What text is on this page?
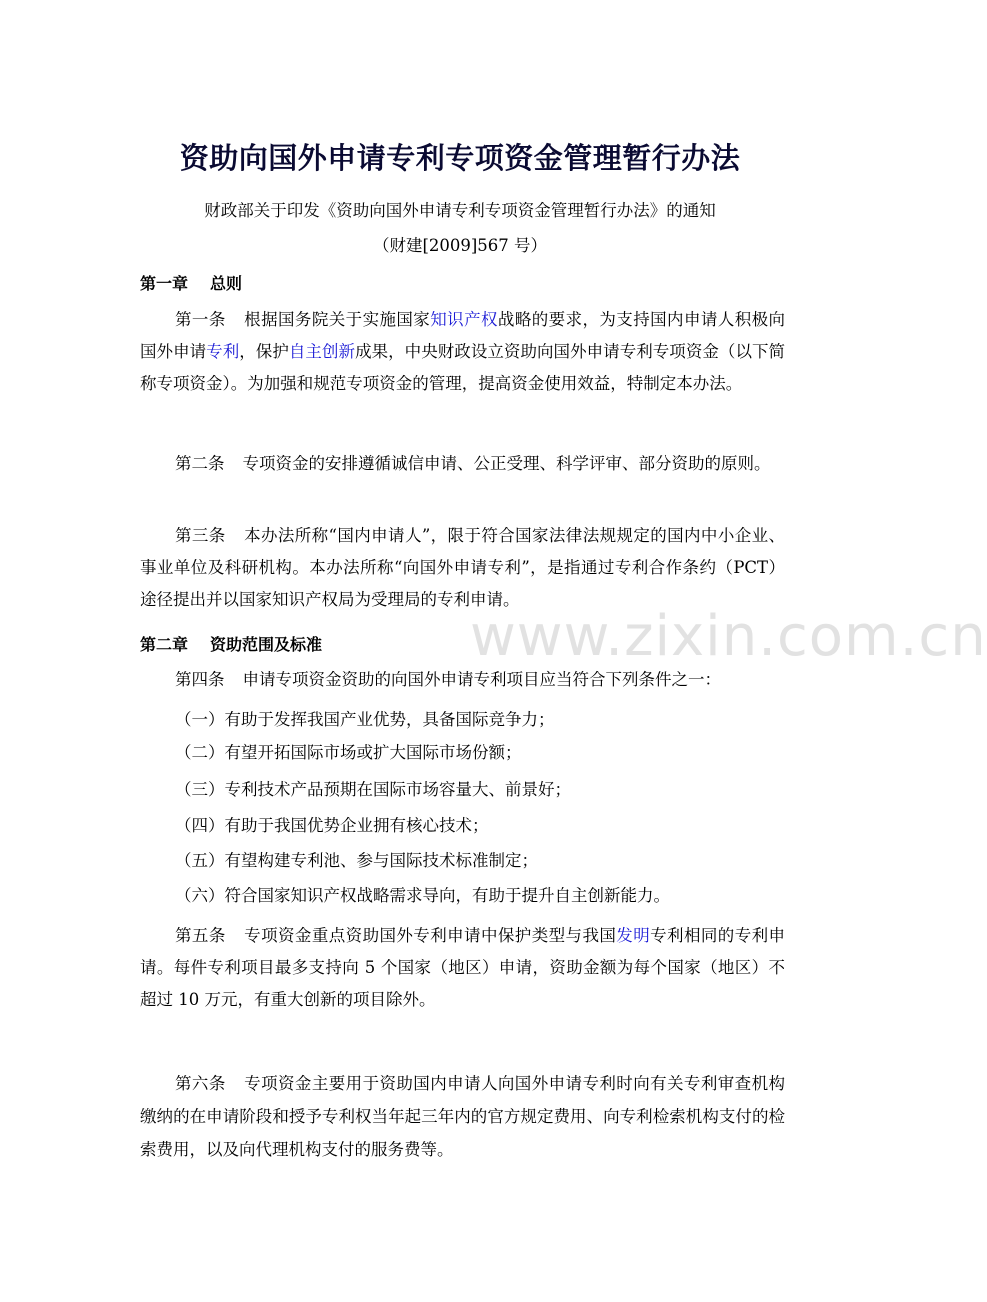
www.zixin.com.cn
资助向国外申请专利专项资金管理暂行办法
财政部关于印发《资助向国外申请专利专项资金管理暂行办法》的通知
（财建[2009]567 号）
第一章 总则
第一条 根据国务院关于实施国家知识产权战略的要求，为支持国内申请人积极向国外申请专利，保护自主创新成果，中央财政设立资助向国外申请专利专项资金（以下简称专项资金）。为加强和规范专项资金的管理，提高资金使用效益，特制定本办法。
第二条 专项资金的安排遵循诚信申请、公正受理、科学评审、部分资助的原则。
第三条 本办法所称“国内申请人”，限于符合国家法律法规规定的国内中小企业、事业单位及科研机构。本办法所称“向国外申请专利”，是指通过专利合作条约（PCT）途径提出并以国家知识产权局为受理局的专利申请。
第二章 资助范围及标准
第四条 申请专项资金资助的向国外申请专利项目应当符合下列条件之一：
（一）有助于发挥我国产业优势，具备国际竞争力；
（二）有望开拓国际市场或扩大国际市场份额；
（三）专利技术产品预期在国际市场容量大、前景好；
（四）有助于我国优势企业拥有核心技术；
（五）有望构建专利池、参与国际技术标准制定；
（六）符合国家知识产权战略需求导向，有助于提升自主创新能力。
第五条 专项资金重点资助国外专利申请中保护类型与我国发明专利相同的专利申请。每件专利项目最多支持向 5 个国家（地区）申请，资助金额为每个国家（地区）不超过 10 万元，有重大创新的项目除外。
第六条 专项资金主要用于资助国内申请人向国外申请专利时向有关专利审查机构缴纳的在申请阶段和授予专利权当年起三年内的官方规定费用、向专利检索机构支付的检索费用，以及向代理机构支付的服务费等。
